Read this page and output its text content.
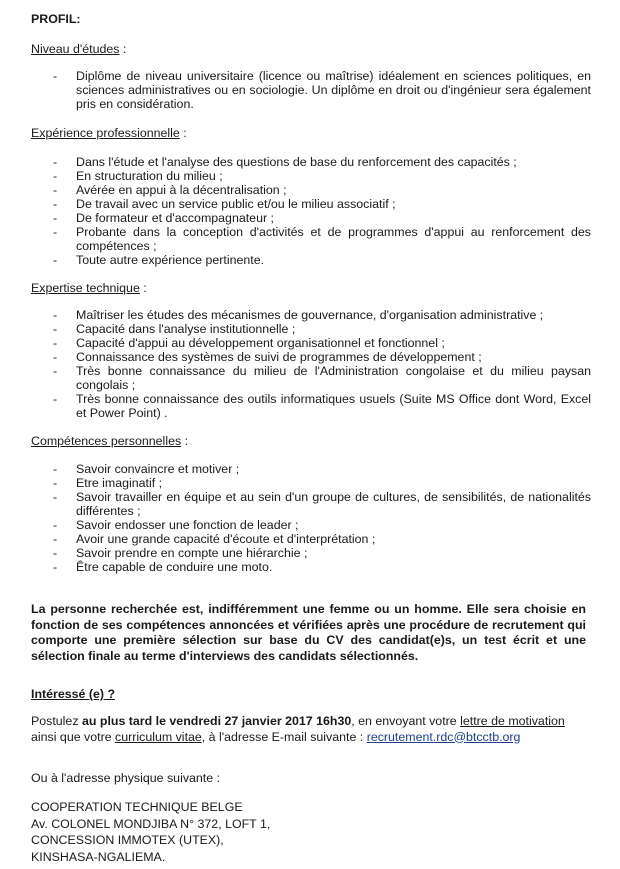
PROFIL:
Niveau d'études :
- Diplôme de niveau universitaire (licence ou maîtrise) idéalement en sciences politiques, en sciences administratives ou en sociologie. Un diplôme en droit ou d'ingénieur sera également pris en considération.
Expérience professionnelle :
- Dans l'étude et l'analyse des questions de base du renforcement des capacités ;
- En structuration du milieu ;
- Avérée en appui à la décentralisation ;
- De travail avec un service public et/ou le milieu associatif ;
- De formateur et d'accompagnateur ;
- Probante dans la conception d'activités et de programmes d'appui au renforcement des compétences ;
- Toute autre expérience pertinente.
Expertise technique :
- Maîtriser les études des mécanismes de gouvernance, d'organisation administrative ;
- Capacité dans l'analyse institutionnelle ;
- Capacité d'appui au développement organisationnel et fonctionnel ;
- Connaissance des systèmes de suivi de programmes de développement ;
- Très bonne connaissance du milieu de l'Administration congolaise et du milieu paysan congolais ;
- Très bonne connaissance des outils informatiques usuels (Suite MS Office dont Word, Excel et Power Point) .
Compétences personnelles :
- Savoir convaincre et motiver ;
- Etre imaginatif ;
- Savoir travailler en équipe et au sein d'un groupe de cultures, de sensibilités, de nationalités différentes ;
- Savoir endosser une fonction de leader ;
- Avoir une grande capacité d'écoute et d'interprétation ;
- Savoir prendre en compte une hiérarchie ;
- Être capable de conduire une moto.
La personne recherchée est, indifféremment une femme ou un homme. Elle sera choisie en fonction de ses compétences annoncées et vérifiées après une procédure de recrutement qui comporte une première sélection sur base du CV des candidat(e)s, un test écrit et une sélection finale au terme d'interviews des candidats sélectionnés.
Intéressé (e) ?
Postulez au plus tard le vendredi 27 janvier 2017 16h30, en envoyant votre lettre de motivation
ainsi que votre curriculum vitae, à l'adresse E-mail suivante : recrutement.rdc@btcctb.org
Ou à l'adresse physique suivante :
COOPERATION TECHNIQUE BELGE
Av. COLONEL MONDJIBA N° 372, LOFT 1,
CONCESSION IMMOTEX (UTEX),
KINSHASA-NGALIEMA.
